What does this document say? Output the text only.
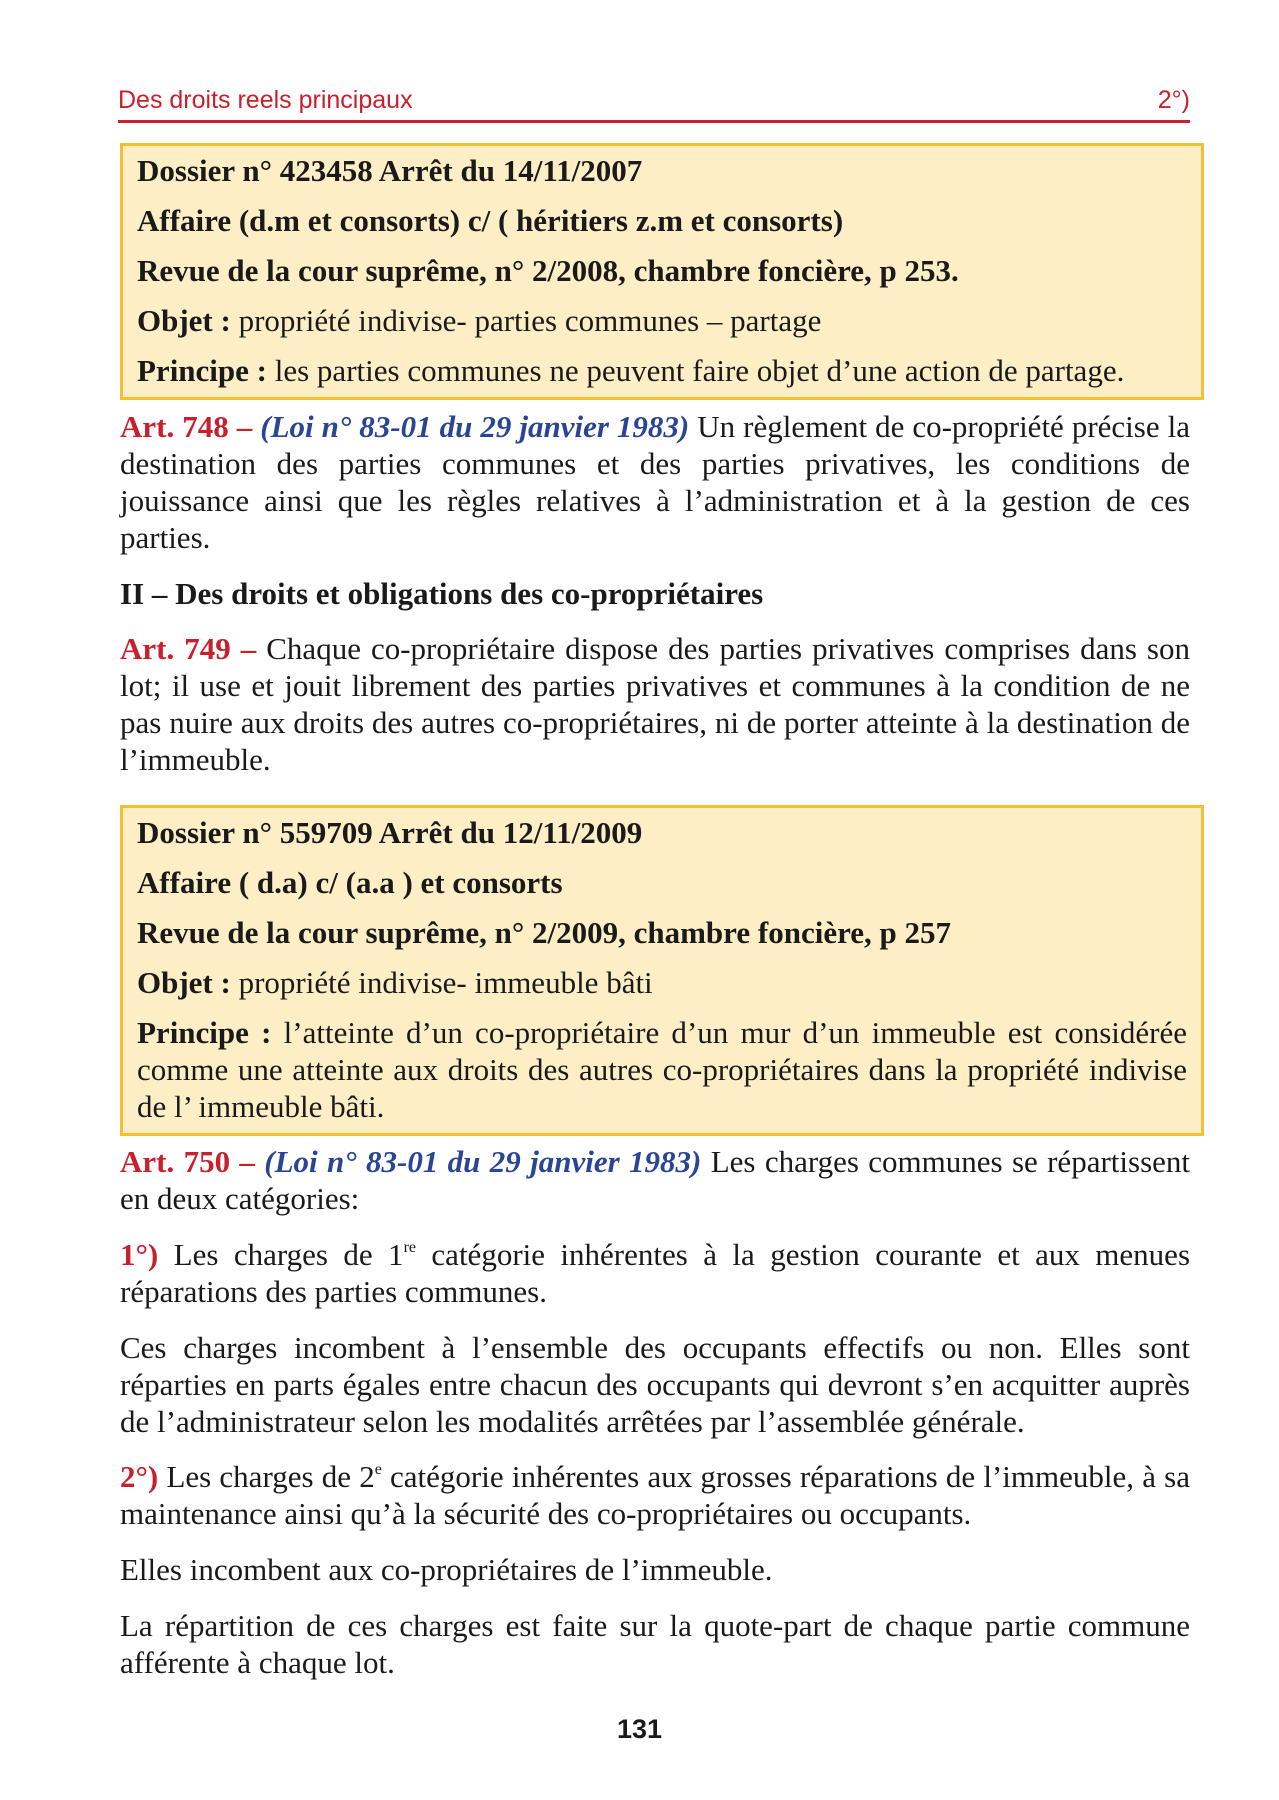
Des droits reels principaux	2°)
Dossier n° 423458 Arrêt du 14/11/2007
Affaire (d.m et consorts) c/ ( héritiers z.m et consorts)
Revue de la cour suprême, n° 2/2008, chambre foncière, p 253.
Objet : propriété indivise- parties communes – partage
Principe : les parties communes ne peuvent faire objet d’une action de partage.
Art. 748 – (Loi n° 83-01 du 29 janvier 1983) Un règlement de co-propriété précise la destination des parties communes et des parties privatives, les conditions de jouissance ainsi que les règles relatives à l’administration et à la gestion de ces parties.
II – Des droits et obligations des co-propriétaires
Art. 749 – Chaque co-propriétaire dispose des parties privatives comprises dans son lot; il use et jouit librement des parties privatives et communes à la condition de ne pas nuire aux droits des autres co-propriétaires, ni de porter atteinte à la destination de l’immeuble.
Dossier n° 559709 Arrêt du 12/11/2009
Affaire ( d.a) c/ (a.a ) et consorts
Revue de la cour suprême, n° 2/2009, chambre foncière, p 257
Objet : propriété indivise- immeuble bâti
Principe : l’atteinte d’un co-propriétaire d’un mur d’un immeuble est considérée comme une atteinte aux droits des autres co-propriétaires dans la propriété indivise de l’ immeuble bâti.
Art. 750 – (Loi n° 83-01 du 29 janvier 1983) Les charges communes se répartissent en deux catégories:
1°) Les charges de 1re catégorie inhérentes à la gestion courante et aux menues réparations des parties communes.
Ces charges incombent à l’ensemble des occupants effectifs ou non. Elles sont réparties en parts égales entre chacun des occupants qui devront s’en acquitter auprès de l’administrateur selon les modalités arrêtées par l’assemblée générale.
2°) Les charges de 2e catégorie inhérentes aux grosses réparations de l’immeuble, à sa maintenance ainsi qu’à la sécurité des co-propriétaires ou occupants.
Elles incombent aux co-propriétaires de l’immeuble.
La répartition de ces charges est faite sur la quote-part de chaque partie commune afférente à chaque lot.
131
